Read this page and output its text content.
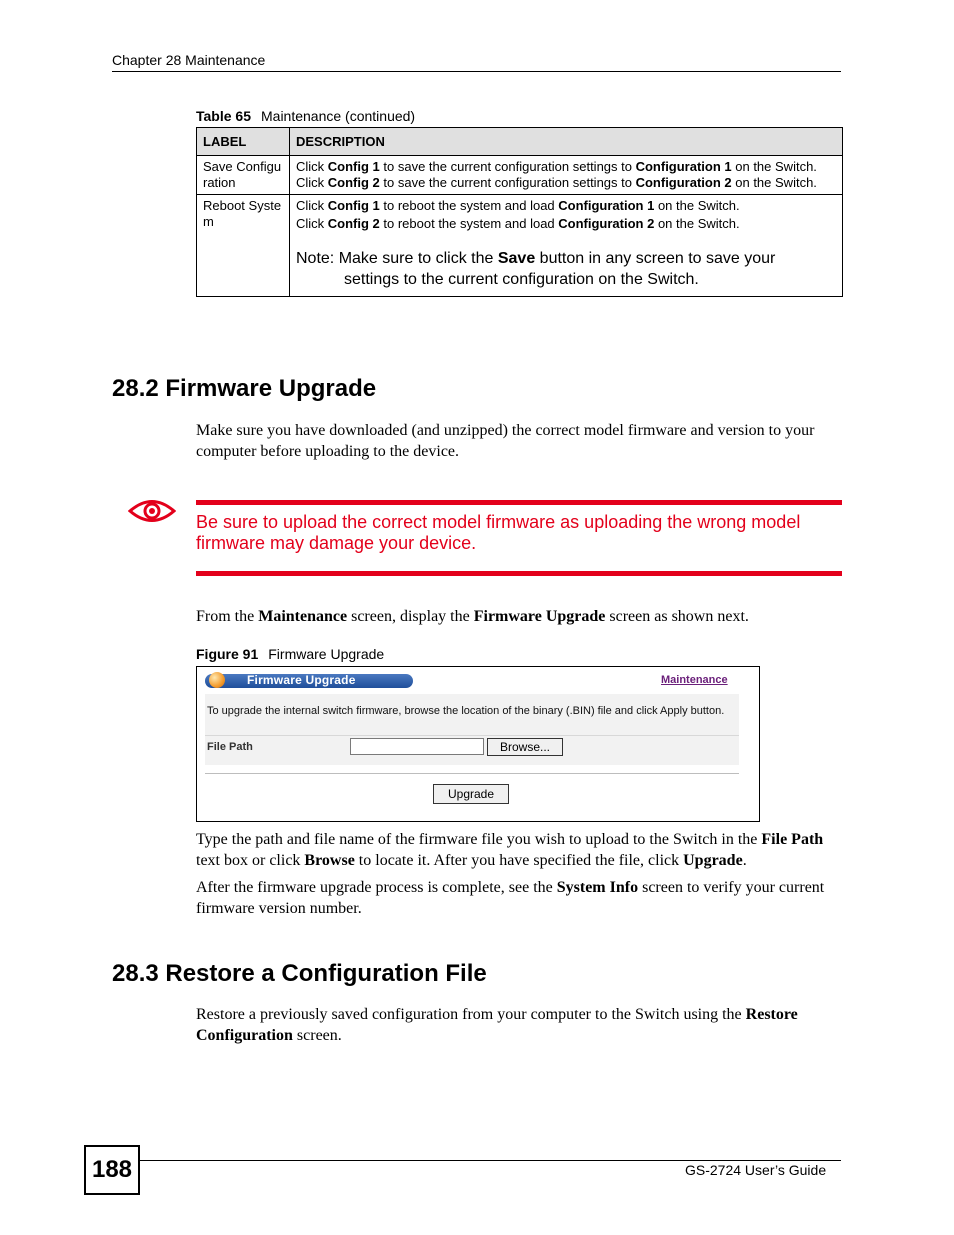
Chapter 28 Maintenance
Table 65 Maintenance (continued)
LABEL	DESCRIPTION
Save Configuration	Click Config 1 to save the current configuration settings to Configuration 1 on the Switch.

Click Config 2 to save the current configuration settings to Configuration 2 on the Switch.

Reboot System	Click Config 1 to reboot the system and load Configuration 1 on the Switch.

Click Config 2 to reboot the system and load Configuration 2 on the Switch.

Note: Make sure to click the Save button in any screen to save your
settings to the current configuration on the Switch.

28.2 Firmware Upgrade
Make sure you have downloaded (and unzipped) the correct model firmware and version to your computer before uploading to the device.
Be sure to upload the correct model firmware as uploading the wrong model firmware may damage your device.
From the Maintenance screen, display the Firmware Upgrade screen as shown next.
Figure 91 Firmware Upgrade
Firmware Upgrade	Maintenance
To upgrade the internal switch firmware, browse the location of the binary (.BIN) file and click Apply button.
File Path	Browse...
Upgrade
Type the path and file name of the firmware file you wish to upload to the Switch in the File Path text box or click Browse to locate it. After you have specified the file, click Upgrade.
After the firmware upgrade process is complete, see the System Info screen to verify your current firmware version number.
28.3 Restore a Configuration File
Restore a previously saved configuration from your computer to the Switch using the Restore Configuration screen.
188	GS-2724 User’s Guide
